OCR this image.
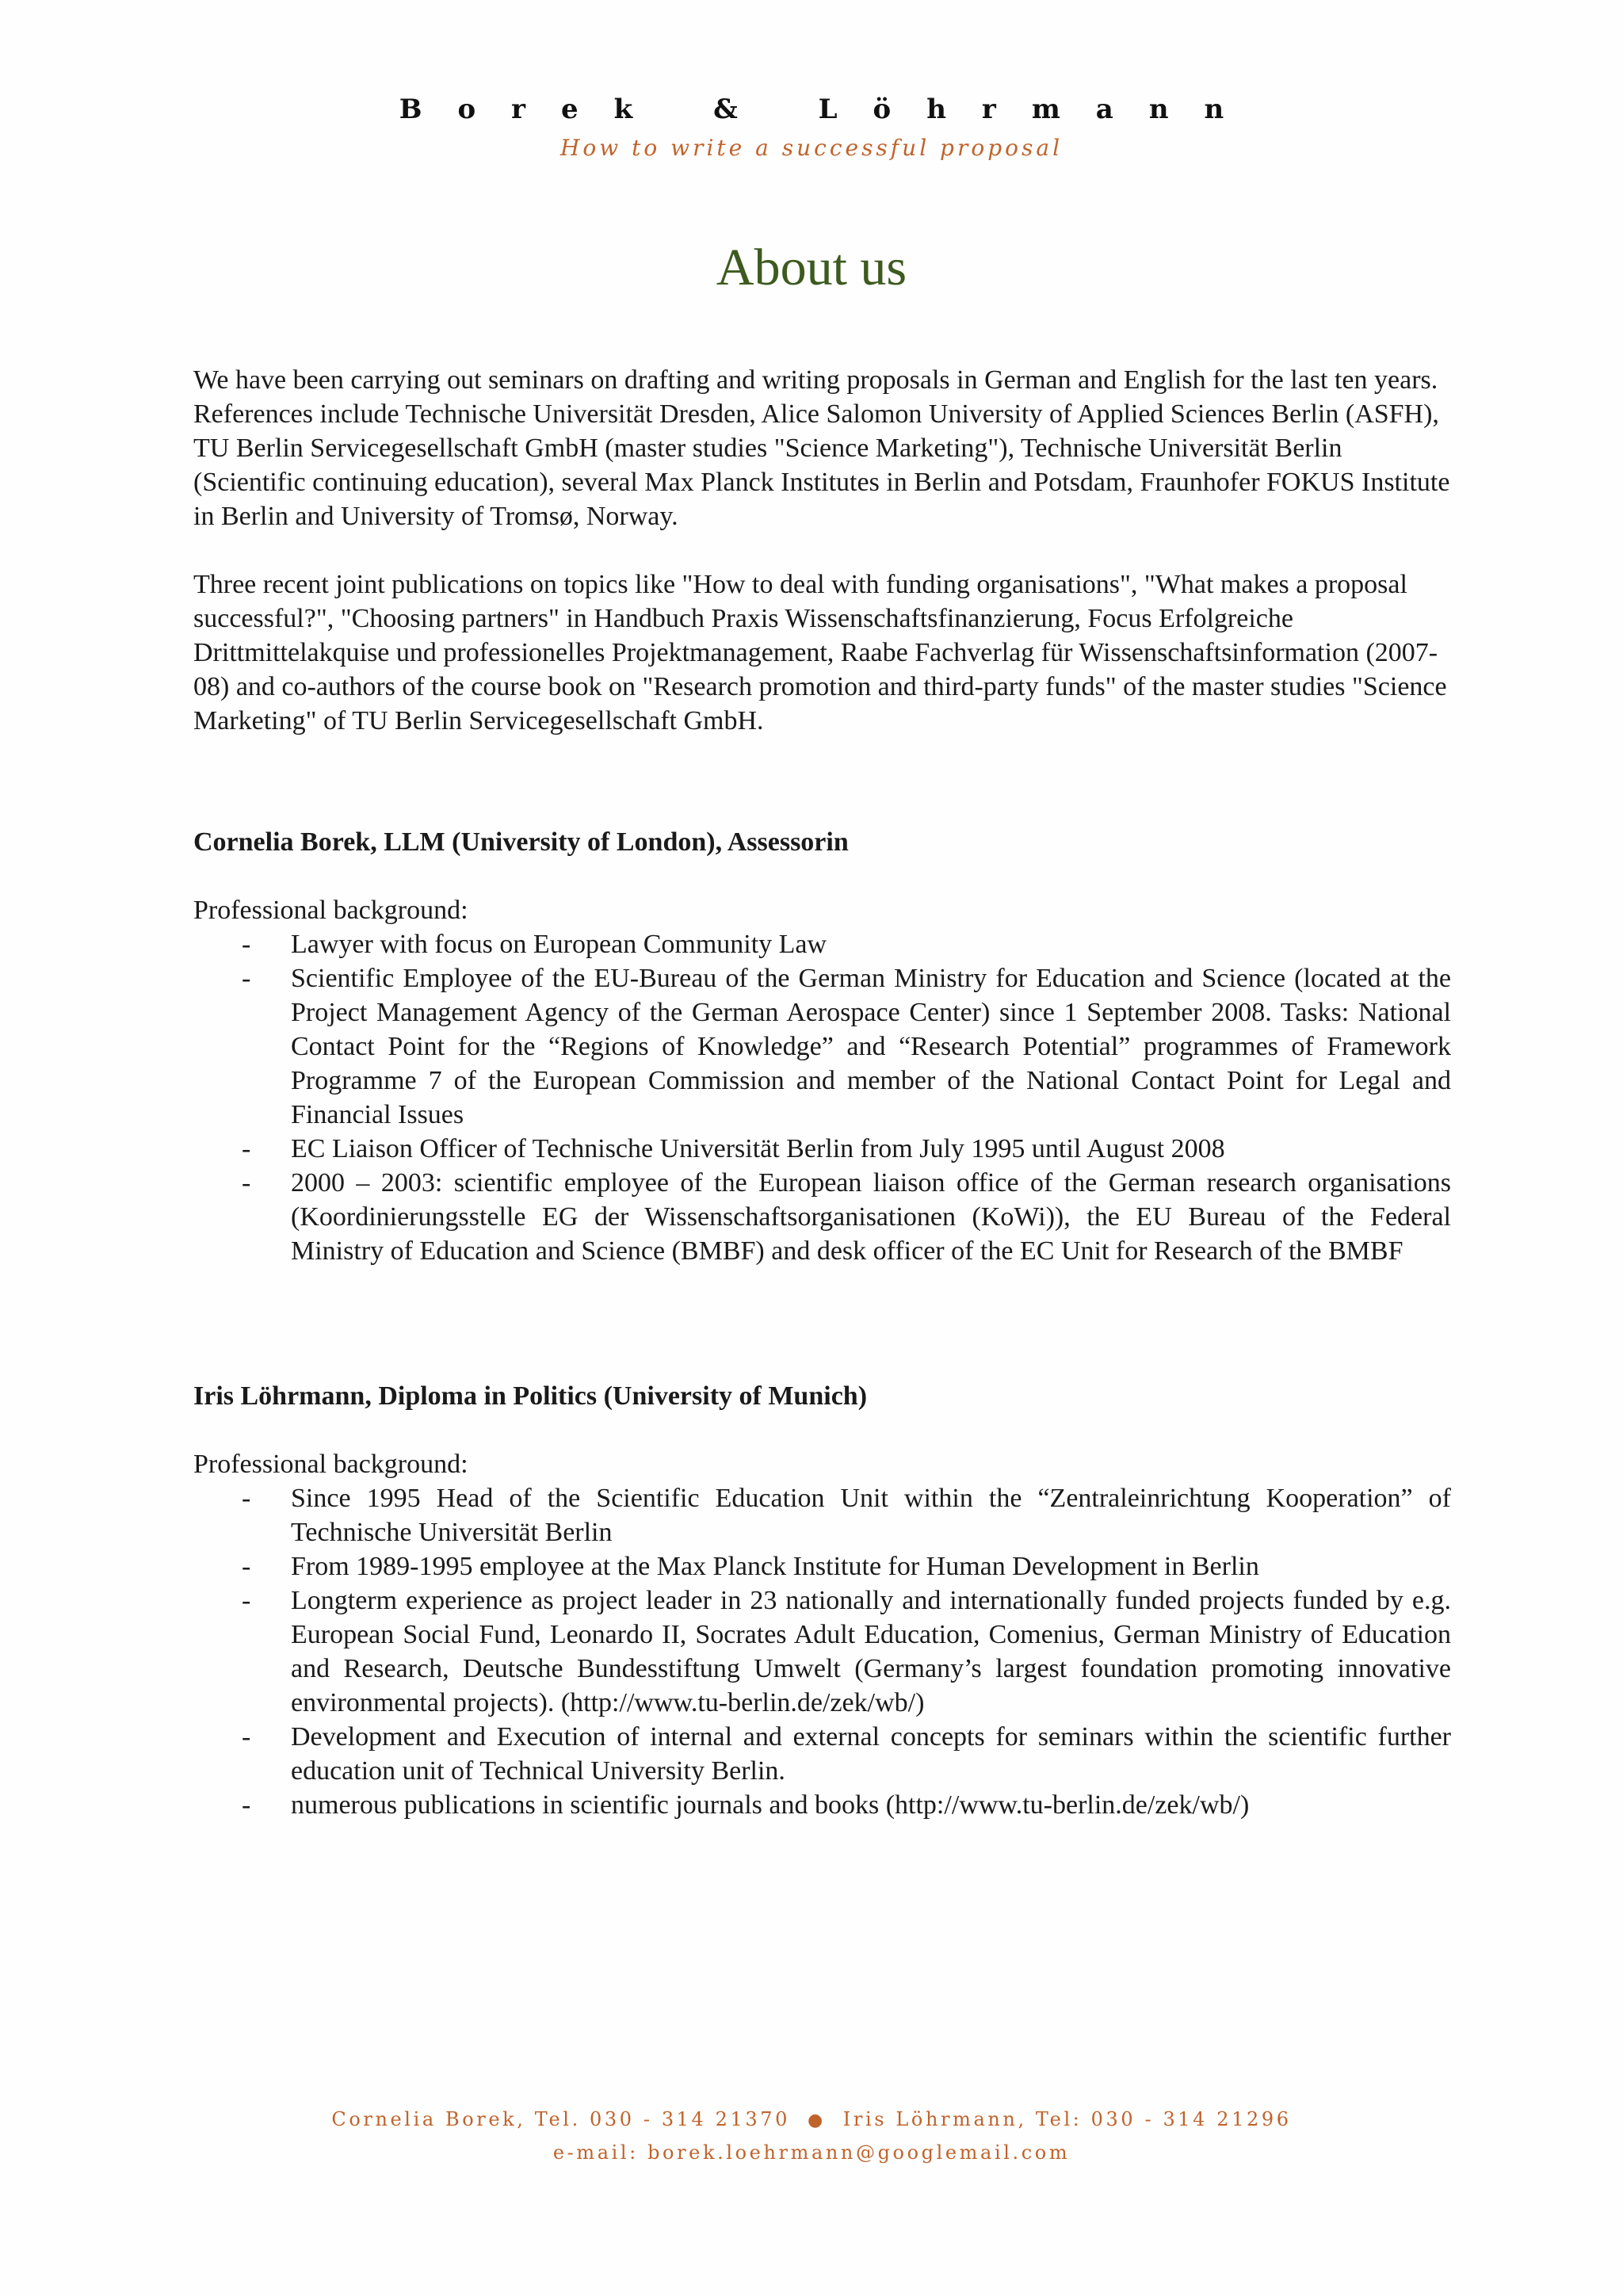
Borek & Löhrmann
How to write a successful proposal
About us

We have been carrying out seminars on drafting and writing proposals in German and English for the last ten years. References include Technische Universität Dresden, Alice Salomon University of Applied Sciences Berlin (ASFH), TU Berlin Servicegesellschaft GmbH (master studies "Science Marketing"), Technische Universität Berlin (Scientific continuing education), several Max Planck Institutes in Berlin and Potsdam, Fraunhofer FOKUS Institute in Berlin and University of Tromsø, Norway.

Three recent joint publications on topics like "How to deal with funding organisations", "What makes a proposal successful?", "Choosing partners" in Handbuch Praxis Wissenschaftsfinanzierung, Focus Erfolgreiche Drittmittelakquise und professionelles Projektmanagement, Raabe Fachverlag für Wissenschaftsinformation (2007-08) and co-authors of the course book on "Research promotion and third-party funds" of the master studies "Science Marketing" of TU Berlin Servicegesellschaft GmbH.

Cornelia Borek, LLM (University of London), Assessorin

Professional background:

- Lawyer with focus on European Community Law
- Scientific Employee of the EU-Bureau of the German Ministry for Education and Science (located at the Project Management Agency of the German Aerospace Center) since 1 September 2008. Tasks: National Contact Point for the “Regions of Knowledge” and “Research Potential” programmes of Framework Programme 7 of the European Commission and member of the National Contact Point for Legal and Financial Issues
- EC Liaison Officer of Technische Universität Berlin from July 1995 until August 2008
- 2000 – 2003: scientific employee of the European liaison office of the German research organisations (Koordinierungsstelle EG der Wissenschaftsorganisationen (KoWi)), the EU Bureau of the Federal Ministry of Education and Science (BMBF) and desk officer of the EC Unit for Research of the BMBF

Iris Löhrmann, Diploma in Politics (University of Munich)

Professional background:

- Since 1995 Head of the Scientific Education Unit within the “Zentraleinrichtung Kooperation” of Technische Universität Berlin
- From 1989-1995 employee at the Max Planck Institute for Human Development in Berlin
- Longterm experience as project leader in 23 nationally and internationally funded projects funded by e.g. European Social Fund, Leonardo II, Socrates Adult Education, Comenius, German Ministry of Education and Research, Deutsche Bundesstiftung Umwelt (Germany’s largest foundation promoting innovative environmental projects). (http://www.tu-berlin.de/zek/wb/)
- Development and Execution of internal and external concepts for seminars within the scientific further education unit of Technical University Berlin.
- numerous publications in scientific journals and books (http://www.tu-berlin.de/zek/wb/)
Cornelia Borek, Tel. 030 - 314 21370 ● Iris Löhrmann, Tel: 030 - 314 21296
e-mail: borek.loehrmann@googlemail.com
